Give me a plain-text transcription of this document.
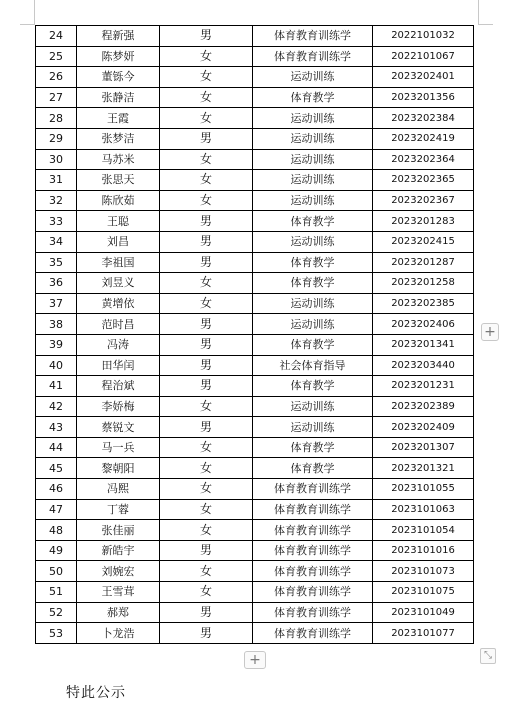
24	程新强	男	体育教育训练学	2022101032
25	陈梦妍	女	体育教育训练学	2022101067
26	董铄今	女	运动训练	2023202401
27	张静洁	女	体育教学	2023201356
28	王霞	女	运动训练	2023202384
29	张梦洁	男	运动训练	2023202419
30	马苏米	女	运动训练	2023202364
31	张思天	女	运动训练	2023202365
32	陈欣茹	女	运动训练	2023202367
33	王聪	男	体育教学	2023201283
34	刘昌	男	运动训练	2023202415
35	李祖国	男	体育教学	2023201287
36	刘昱义	女	体育教学	2023201258
37	黄增依	女	运动训练	2023202385
38	范时昌	男	运动训练	2023202406
39	冯涛	男	体育教学	2023201341
40	田华闰	男	社会体育指导	2023203440
41	程治斌	男	体育教学	2023201231
42	李娇梅	女	运动训练	2023202389
43	蔡锐文	男	运动训练	2023202409
44	马一兵	女	体育教学	2023201307
45	黎朝阳	女	体育教学	2023201321
46	冯熙	女	体育教育训练学	2023101055
47	丁蓉	女	体育教育训练学	2023101063
48	张佳丽	女	体育教育训练学	2023101054
49	新皓宇	男	体育教育训练学	2023101016
50	刘婉宏	女	体育教育训练学	2023101073
51	王雪茸	女	体育教育训练学	2023101075
52	郝郑	男	体育教育训练学	2023101049
53	卜龙浩	男	体育教育训练学	2023101077
+
+	⤡
特此公示
